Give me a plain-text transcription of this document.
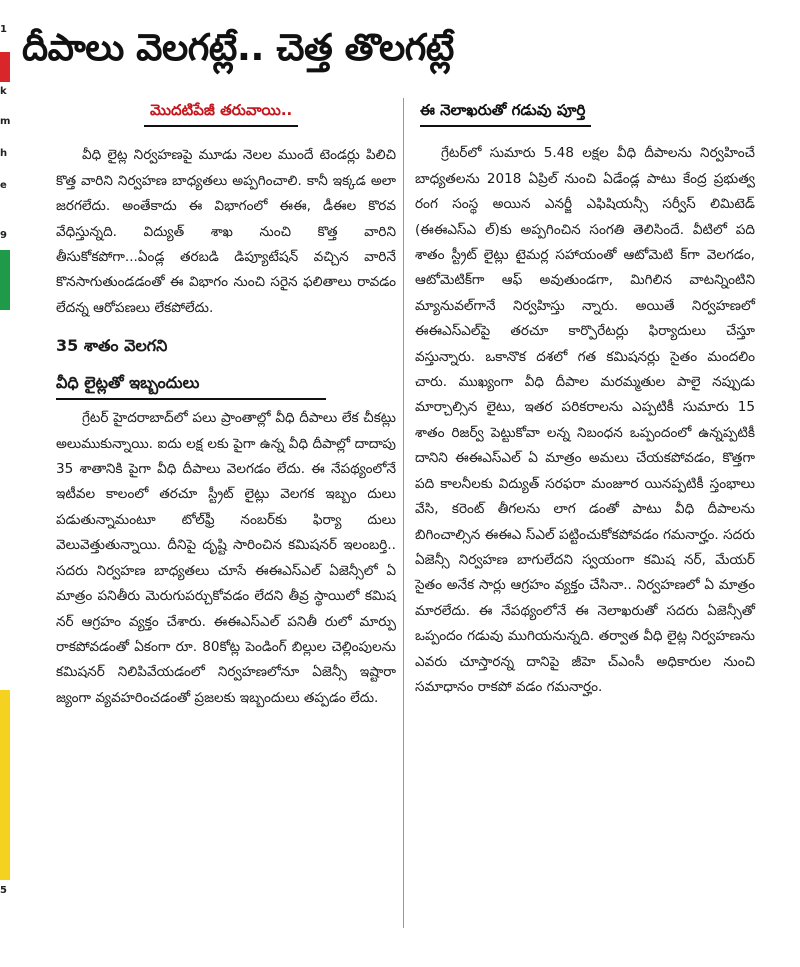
1
k
m
h
e
9
5
దీపాలు వెలగట్లే.. చెత్త తొలగట్లే
మొదటిపేజీ తరువాయి..

వీధి లైట్ల నిర్వహణపై మూడు నెలల ముందే టెండర్లు పిలిచి కొత్త వారిని నిర్వహణ బాధ్యతలు అప్పగించాలి. కానీ ఇక్కడ అలా జరగలేదు. అంతేకాదు ఈ విభాగంలో ఈఈ, డీఈల కొరవ వేధిస్తున్నది. విద్యుత్ శాఖ నుంచి కొత్త వారిని తీసుకోకపోగా...ఏండ్ల తరబడి డిప్యూటేషన్ వచ్చిన వారినే కొనసాగుతుండడంతో ఈ విభాగం నుంచి సరైన ఫలితాలు రావడం లేదన్న ఆరోపణలు లేకపోలేదు.

35 శాతం వెలగని
వీధి లైట్లతో ఇబ్బందులు

గ్రేటర్ హైదరాబాద్‌లో పలు ప్రాంతాల్లో వీధి దీపాలు లేక చీకట్లు అలుముకున్నాయి. ఐదు లక్ష లకు పైగా ఉన్న వీధి దీపాల్లో దాదాపు 35 శాతానికి పైగా వీధి దీపాలు వెలగడం లేదు. ఈ నేపథ్యంలోనే ఇటీవల కాలంలో తరచూ స్ట్రీట్ లైట్లు వెలగక ఇబ్బం దులు పడుతున్నామంటూ టోల్‌ఫ్రీ నంబర్‌కు ఫిర్యా దులు వెలువెత్తుతున్నాయి. దీనిపై దృష్టి సారించిన కమిషనర్ ఇలంబర్తి.. సదరు నిర్వహణ బాధ్యతలు చూసే ఈఈఎస్ఎల్ ఏజెన్సీలో ఏ మాత్రం పనితీరు మెరుగుపర్చుకోవడం లేదని తీవ్ర స్థాయిలో కమిష నర్ ఆగ్రహం వ్యక్తం చేశారు. ఈఈఎస్ఎల్ పనితీ రులో మార్పు రాకపోవడంతో ఏకంగా రూ. 80కోట్ల పెండింగ్ బిల్లుల చెల్లింపులను కమిషనర్ నిలిపివేయడంలో నిర్వహణలోనూ ఏజెన్సీ ఇష్టారా జ్యంగా వ్యవహరించడంతో ప్రజలకు ఇబ్బందులు తప్పడం లేదు.

ఈ నెలాఖరుతో గడువు పూర్తి

గ్రేటర్‌లో సుమారు 5.48 లక్షల వీధి దీపాలను నిర్వహించే బాధ్యతలను 2018 ఏప్రిల్ నుంచి ఏడేండ్ల పాటు కేంద్ర ప్రభుత్వ రంగ సంస్థ అయిన ఎనర్జీ ఎఫిషియన్సీ సర్వీస్ లిమిటెడ్ (ఈఈఎస్ఎ ల్)కు అప్పగించిన సంగతి తెలిసిందే. వీటిలో పది శాతం స్ట్రీట్ లైట్లు టైమర్ల సహాయంతో ఆటోమెటి క్‌గా వెలగడం, ఆటోమెటిక్‌గా ఆఫ్ అవుతుండగా, మిగిలిన వాటన్నింటిని మ్యానువల్‌గానే నిర్వహిస్తు న్నారు. అయితే నిర్వహణలో ఈఈఎస్ఎల్‌పై తరచూ కార్పొరేటర్లు ఫిర్యాదులు చేస్తూ వస్తున్నారు. ఒకానొక దశలో గత కమిషనర్లు సైతం మందలిం చారు. ముఖ్యంగా వీధి దీపాల మరమ్మతుల పాలై నప్పుడు మార్చాల్సిన లైటు, ఇతర పరికరాలను ఎప్పటికీ సుమారు 15 శాతం రిజర్వ్ పెట్టుకోవా లన్న నిబంధన ఒప్పందంలో ఉన్నప్పటికీ దానిని ఈఈఎస్ఎల్ ఏ మాత్రం అమలు చేయకపోవడం, కొత్తగా పది కాలనీలకు విద్యుత్ సరఫరా మంజూర యినప్పటికీ స్తంభాలు వేసి, కరెంట్ తీగలను లాగ డంతో పాటు వీధి దీపాలను బిగించాల్సిన ఈఈఎ స్ఎల్ పట్టించుకోకపోవడం గమనార్హం. సదరు ఏజెన్సీ నిర్వహణ బాగులేదని స్వయంగా కమిష నర్, మేయర్ సైతం అనేక సార్లు ఆగ్రహం వ్యక్తం చేసినా.. నిర్వహణలో ఏ మాత్రం మారలేదు. ఈ నేపథ్యంలోనే ఈ నెలాఖరుతో సదరు ఏజెన్సీతో ఒప్పందం గడువు ముగియనున్నది. తర్వాత వీధి లైట్ల నిర్వహణను ఎవరు చూస్తారన్న దానిపై జీహె చ్ఎంసీ అధికారుల నుంచి సమాధానం రాకపో వడం గమనార్హం.
